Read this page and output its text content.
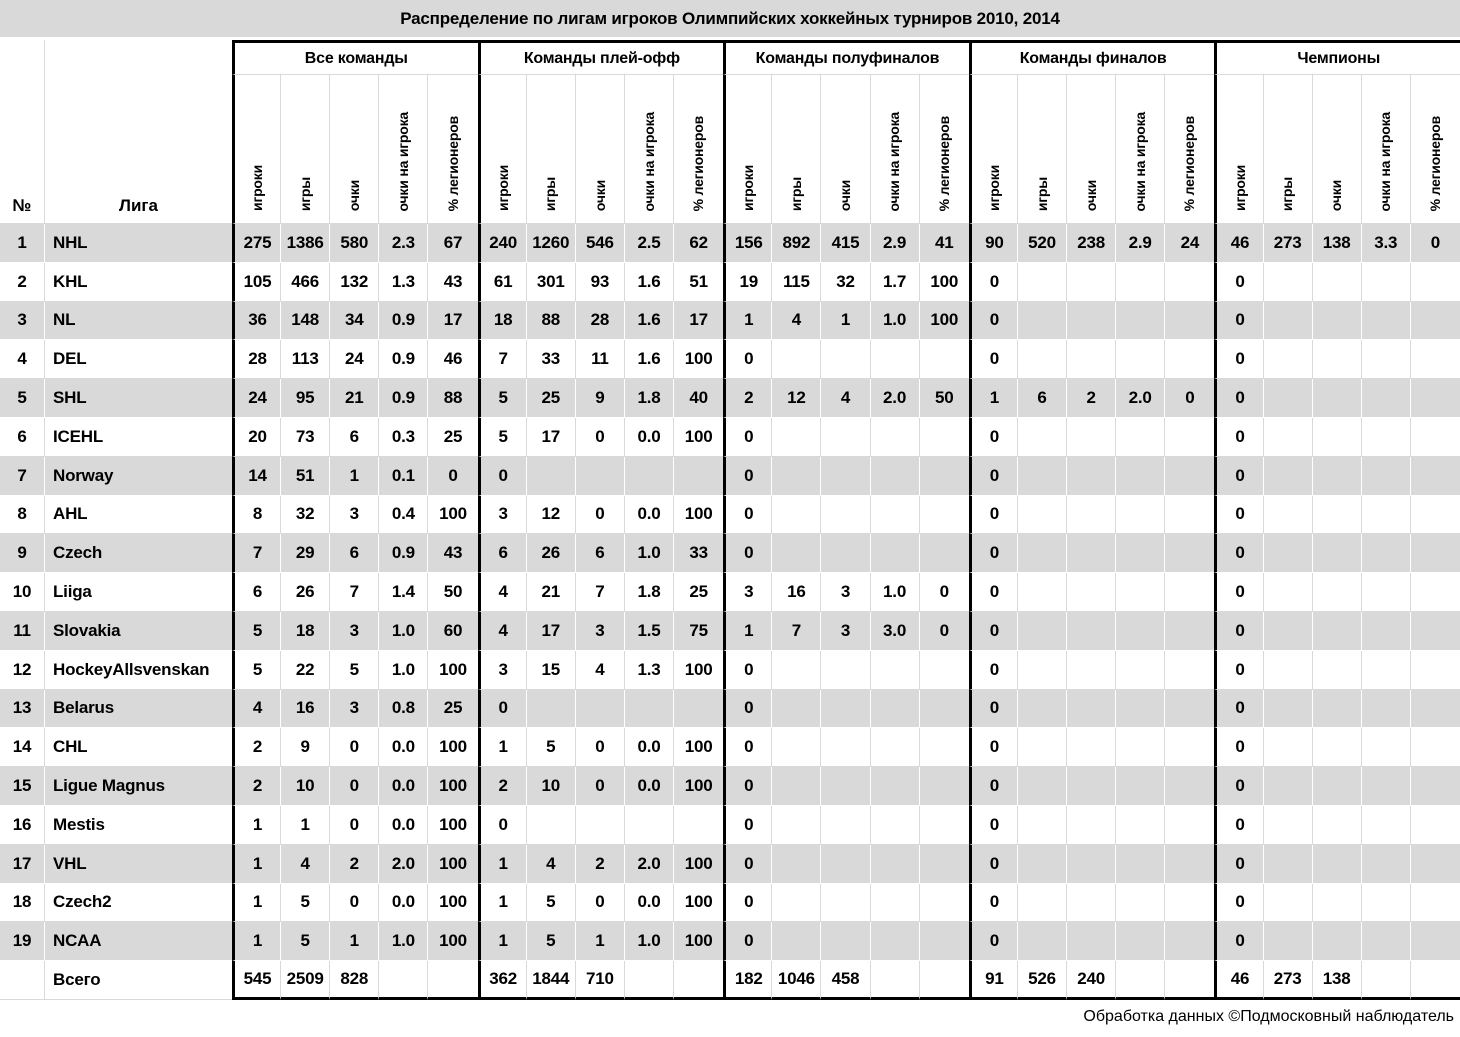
Распределение по лигам игроков Олимпийских хоккейных турниров 2010, 2014
№	Лига	Все команды					Команды плей-офф					Команды полуфиналов					Команды финалов					Чемпионы				
		игроки	игры	очки	очки на игрока	% легионеров	игроки	игры	очки	очки на игрока	% легионеров	игроки	игры	очки	очки на игрока	% легионеров	игроки	игры	очки	очки на игрока	% легионеров	игроки	игры	очки	очки на игрока	% легионеров
1	NHL	275	1386	580	2.3	67	240	1260	546	2.5	62	156	892	415	2.9	41	90	520	238	2.9	24	46	273	138	3.3	0
2	KHL	105	466	132	1.3	43	61	301	93	1.6	51	19	115	32	1.7	100	0					0				
3	NL	36	148	34	0.9	17	18	88	28	1.6	17	1	4	1	1.0	100	0					0				
4	DEL	28	113	24	0.9	46	7	33	11	1.6	100	0					0					0				
5	SHL	24	95	21	0.9	88	5	25	9	1.8	40	2	12	4	2.0	50	1	6	2	2.0	0	0				
6	ICEHL	20	73	6	0.3	25	5	17	0	0.0	100	0					0					0				
7	Norway	14	51	1	0.1	0	0					0					0					0				
8	AHL	8	32	3	0.4	100	3	12	0	0.0	100	0					0					0				
9	Czech	7	29	6	0.9	43	6	26	6	1.0	33	0					0					0				
10	Liiga	6	26	7	1.4	50	4	21	7	1.8	25	3	16	3	1.0	0	0					0				
11	Slovakia	5	18	3	1.0	60	4	17	3	1.5	75	1	7	3	3.0	0	0					0				
12	HockeyAllsvenskan	5	22	5	1.0	100	3	15	4	1.3	100	0					0					0				
13	Belarus	4	16	3	0.8	25	0					0					0					0				
14	CHL	2	9	0	0.0	100	1	5	0	0.0	100	0					0					0				
15	Ligue Magnus	2	10	0	0.0	100	2	10	0	0.0	100	0					0					0				
16	Mestis	1	1	0	0.0	100	0					0					0					0				
17	VHL	1	4	2	2.0	100	1	4	2	2.0	100	0					0					0				
18	Czech2	1	5	0	0.0	100	1	5	0	0.0	100	0					0					0				
19	NCAA	1	5	1	1.0	100	1	5	1	1.0	100	0					0					0				
	Всего	545	2509	828			362	1844	710			182	1046	458			91	526	240			46	273	138		
Обработка данных ©Подмосковный наблюдатель
